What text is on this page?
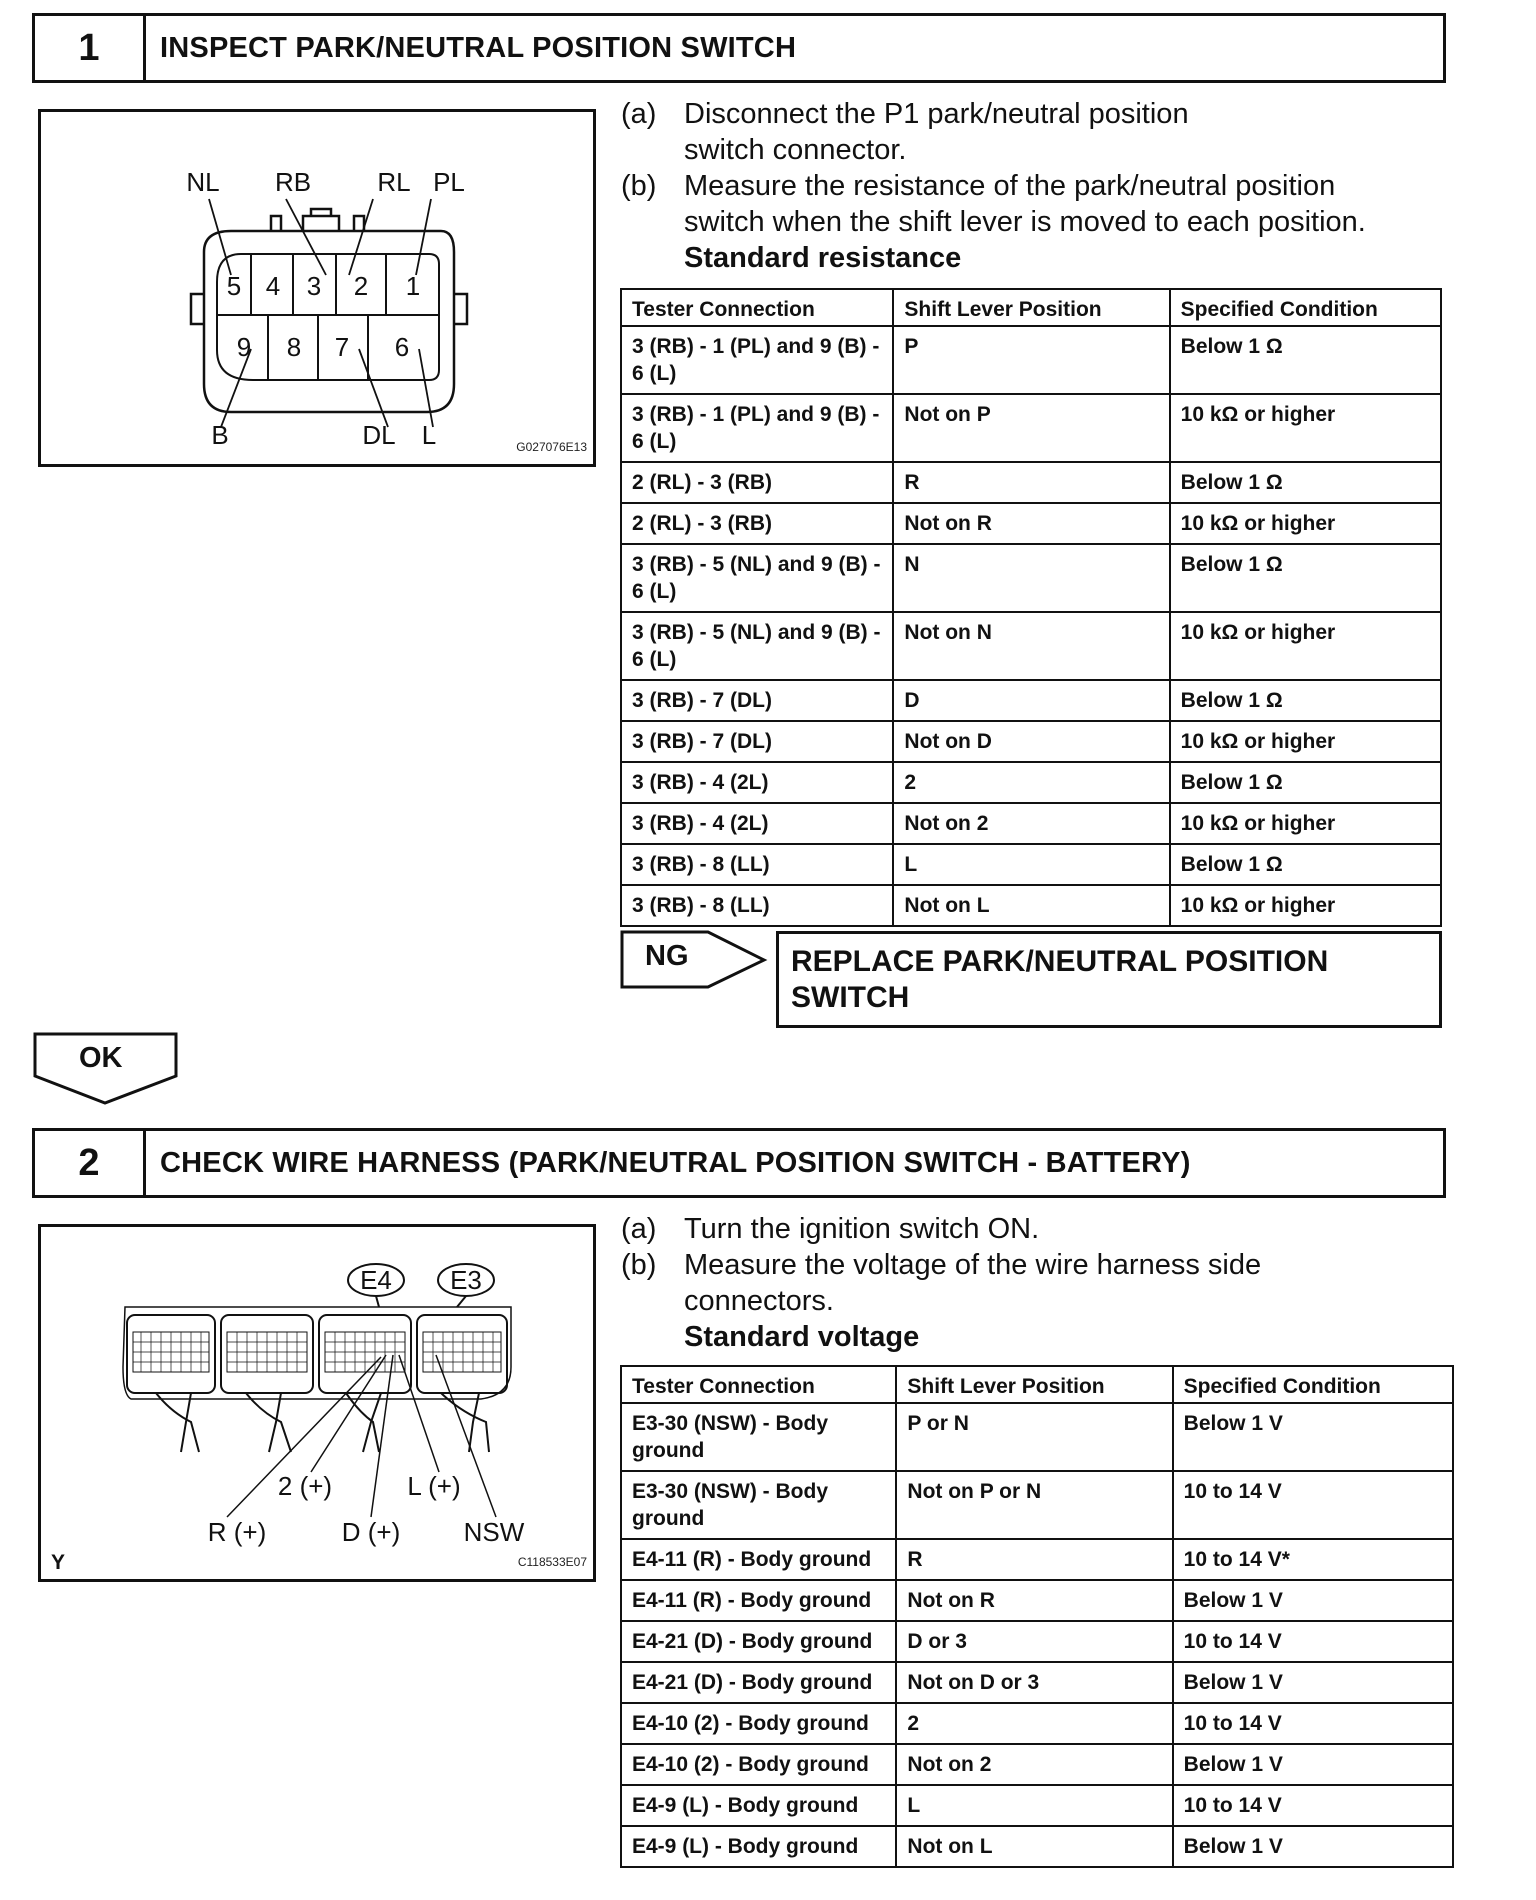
1	INSPECT PARK/NEUTRAL POSITION SWITCH
NL RB	RL PL
B	DL L
5 4 3 2 1
9 8 7 6
G027076E13
(a) Disconnect the P1 park/neutral position switch connector.
(b) Measure the resistance of the park/neutral position switch when the shift lever is moved to each position.
Standard resistance
Tester Connection	Shift Lever Position	Specified Condition
3 (RB) - 1 (PL) and 9 (B) - 6 (L)	P	Below 1 Ω
3 (RB) - 1 (PL) and 9 (B) - 6 (L)	Not on P	10 kΩ or higher
2 (RL) - 3 (RB)	R	Below 1 Ω
2 (RL) - 3 (RB)	Not on R	10 kΩ or higher
3 (RB) - 5 (NL) and 9 (B) - 6 (L)	N	Below 1 Ω
3 (RB) - 5 (NL) and 9 (B) - 6 (L)	Not on N	10 kΩ or higher
3 (RB) - 7 (DL)	D	Below 1 Ω
3 (RB) - 7 (DL)	Not on D	10 kΩ or higher
3 (RB) - 4 (2L)	2	Below 1 Ω
3 (RB) - 4 (2L)	Not on 2	10 kΩ or higher
3 (RB) - 8 (LL)	L	Below 1 Ω
3 (RB) - 8 (LL)	Not on L	10 kΩ or higher
NG	REPLACE PARK/NEUTRAL POSITION SWITCH
OK
2	CHECK WIRE HARNESS (PARK/NEUTRAL POSITION SWITCH - BATTERY)
E4 E3
2 (+)	L (+)
R (+)	D (+) NSW
Y	C118533E07
(a) Turn the ignition switch ON.
(b) Measure the voltage of the wire harness side connectors.
Standard voltage
Tester Connection	Shift Lever Position	Specified Condition
E3-30 (NSW) - Body ground	P or N	Below 1 V
E3-30 (NSW) - Body ground	Not on P or N	10 to 14 V
E4-11 (R) - Body ground	R	10 to 14 V*
E4-11 (R) - Body ground	Not on R	Below 1 V
E4-21 (D) - Body ground	D or 3	10 to 14 V
E4-21 (D) - Body ground	Not on D or 3	Below 1 V
E4-10 (2) - Body ground	2	10 to 14 V
E4-10 (2) - Body ground	Not on 2	Below 1 V
E4-9 (L) - Body ground	L	10 to 14 V
E4-9 (L) - Body ground	Not on L	Below 1 V
